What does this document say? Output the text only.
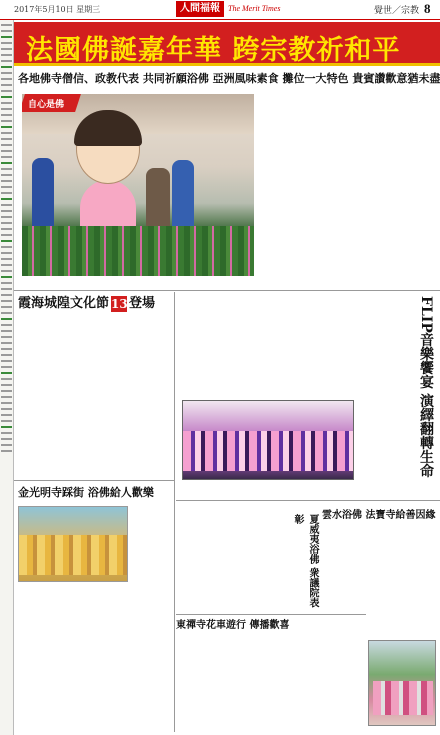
2017年5月10日 星期三	人間福報	The Merit Times	覺世／宗教 8
法國佛誕嘉年華 跨宗教祈和平
各地佛寺僧信、政教代表 共同祈願浴佛 亞洲風味素食 攤位一大特色 貴賓讚歡意猶未盡
自心是佛
霞海城隍文化節 13登場
金光明寺踩街 浴佛給人歡樂
FLIP音樂饗宴 演繹翻轉生命
夏威夷浴佛 衆議院表彰	雲水浴佛 法寶寺給善因緣
東禪寺花車遊行 傳播歡喜
